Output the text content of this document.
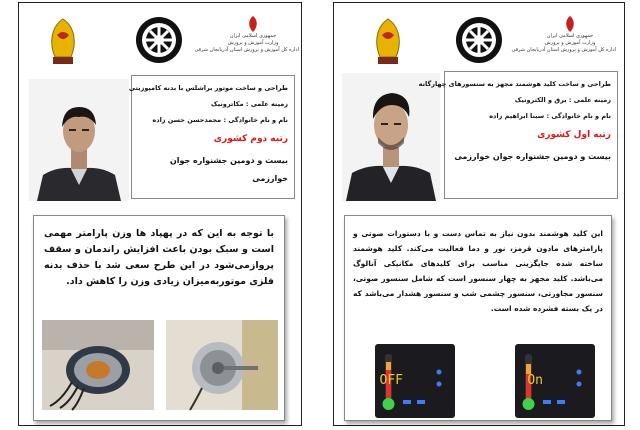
جمهوری اسلامی ایران
وزارت آموزش و پرورش
اداره کل آموزش و پرورش استان آذربایجان شرقی
طراحی و ساخت موتور براشلس با بدنه کامپوزیتی
زمینه علمی : مکاترونیک
نام و نام خانوادگی : محمدحسن حسن زاده
رتبه دوم کشوری
بیست و دومین جشنواره جوان خوارزمی
با توجه به این که در پهپاد ها وزن پارامتر مهمی است و سبک بودن باعث افزایش راندمان و سقف پروازمی‌شود در این طرح سعی شد با حذف بدنه فلزی موتوربه‌میزان زیادی وزن را کاهش داد.
جمهوری اسلامی ایران
وزارت آموزش و پرورش
اداره کل آموزش و پرورش استان آذربایجان شرقی
طراحی و ساخت کلید هوشمند مجهز به سنسورهای چهارگانه
زمینه علمی : برق و الکترونیک
نام و نام خانوادگی : سینا ابراهیم زاده
رتبه اول کشوری
بیست و دومین جشنواره جوان خوارزمی
این کلید هوشمند بدون نیاز به تماس دست و با دستورات صوتی و پارامترهای مادون قرمز، نور و دما فعالیت می‌کند. کلید هوشمند ساخته شده جایگزینی مناسب برای کلیدهای مکانیکی آنالوگ می‌باشد. کلید مجهز به چهار سنسور است که شامل سنسور صوتی، سنسور مجاورتی، سنسور چشمی شب و سنسور هشدار می‌باشد که در یک بسته فشرده شده است.
OFF	On
